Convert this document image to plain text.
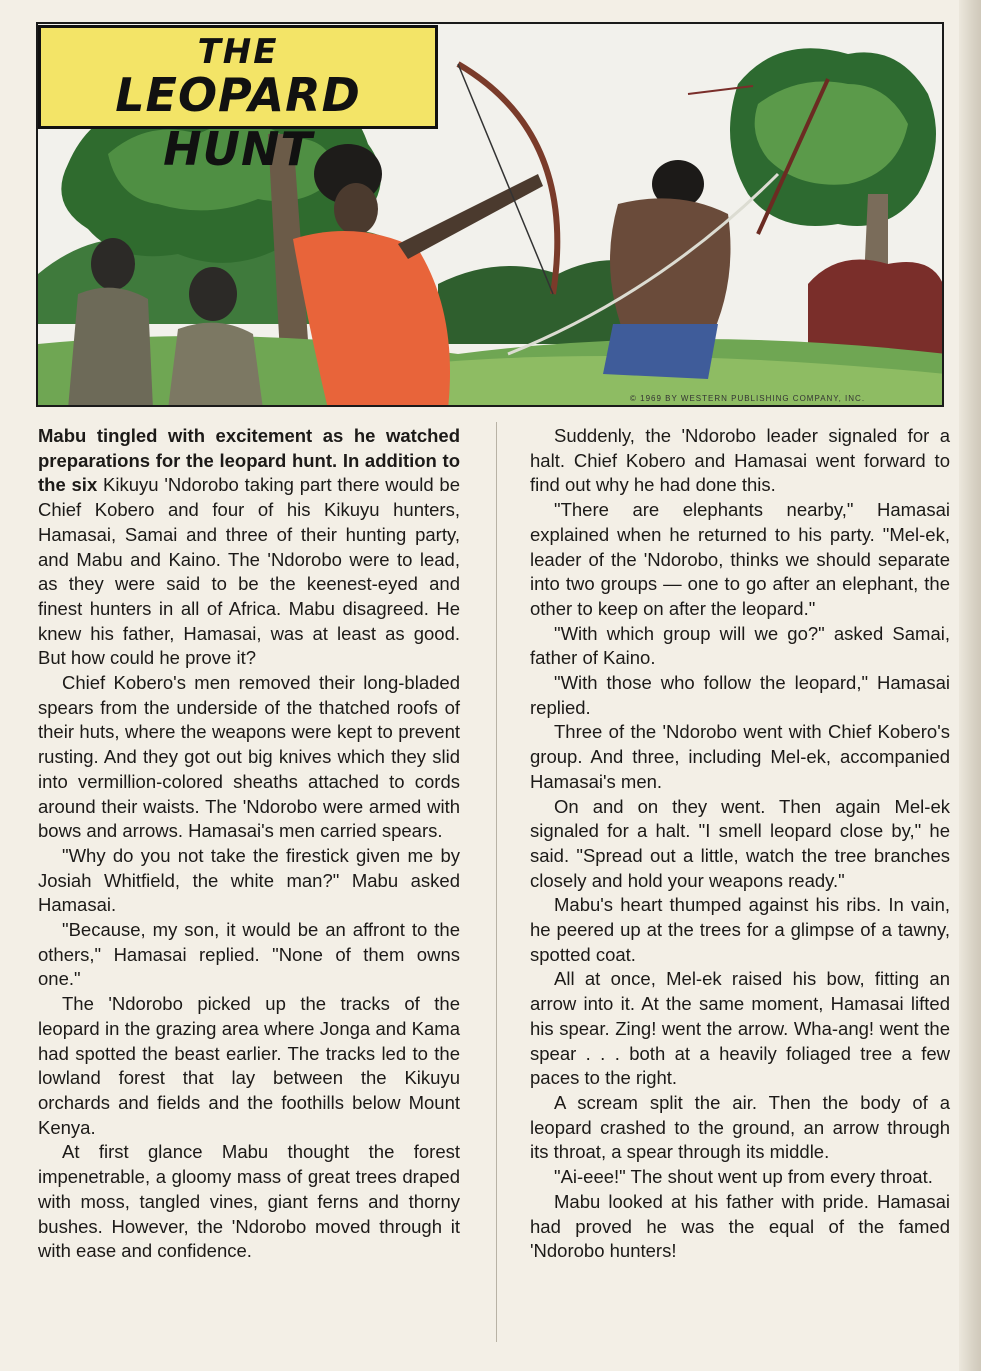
THE
LEOPARD HUNT
© 1969 BY WESTERN PUBLISHING COMPANY, INC.

Mabu tingled with excitement as he watched preparations for the leopard hunt. In addition to the six Kikuyu 'Ndorobo taking part there would be Chief Kobero and four of his Kikuyu hunters, Hamasai, Samai and three of their hunting party, and Mabu and Kaino. The 'Ndorobo were to lead, as they were said to be the keenest-eyed and finest hunters in all of Africa. Mabu disagreed. He knew his father, Hamasai, was at least as good. But how could he prove it?

Chief Kobero's men removed their long-bladed spears from the underside of the thatched roofs of their huts, where the weapons were kept to prevent rusting. And they got out big knives which they slid into vermillion-colored sheaths attached to cords around their waists. The 'Ndorobo were armed with bows and arrows. Hamasai's men carried spears.

"Why do you not take the firestick given me by Josiah Whitfield, the white man?" Mabu asked Hamasai.

"Because, my son, it would be an affront to the others," Hamasai replied. "None of them owns one."

The 'Ndorobo picked up the tracks of the leopard in the grazing area where Jonga and Kama had spotted the beast earlier. The tracks led to the lowland forest that lay between the Kikuyu orchards and fields and the foothills below Mount Kenya.

At first glance Mabu thought the forest impenetrable, a gloomy mass of great trees draped with moss, tangled vines, giant ferns and thorny bushes. However, the 'Ndorobo moved through it with ease and confidence.

Suddenly, the 'Ndorobo leader signaled for a halt. Chief Kobero and Hamasai went forward to find out why he had done this.

"There are elephants nearby," Hamasai explained when he returned to his party. "Mel-ek, leader of the 'Ndorobo, thinks we should separate into two groups — one to go after an elephant, the other to keep on after the leopard."

"With which group will we go?" asked Samai, father of Kaino.

"With those who follow the leopard," Hamasai replied.

Three of the 'Ndorobo went with Chief Kobero's group. And three, including Mel-ek, accompanied Hamasai's men.

On and on they went. Then again Mel-ek signaled for a halt. "I smell leopard close by," he said. "Spread out a little, watch the tree branches closely and hold your weapons ready."

Mabu's heart thumped against his ribs. In vain, he peered up at the trees for a glimpse of a tawny, spotted coat.

All at once, Mel-ek raised his bow, fitting an arrow into it. At the same moment, Hamasai lifted his spear. Zing! went the arrow. Wha-ang! went the spear . . . both at a heavily foliaged tree a few paces to the right.

A scream split the air. Then the body of a leopard crashed to the ground, an arrow through its throat, a spear through its middle.

"Ai-eee!" The shout went up from every throat.

Mabu looked at his father with pride. Hamasai had proved he was the equal of the famed 'Ndorobo hunters!
